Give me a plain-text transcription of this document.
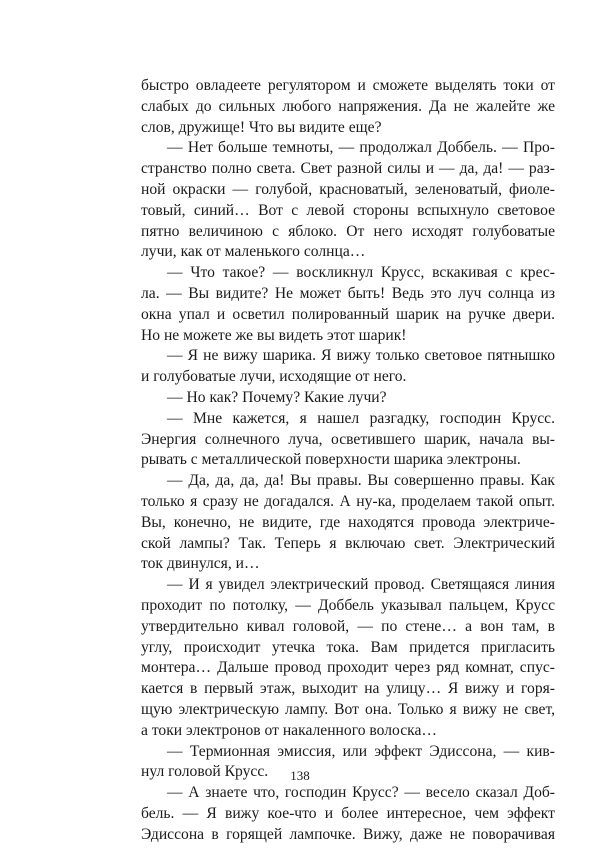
быстро овладеете регулятором и сможете выделять токи от
слабых до сильных любого напряжения. Да не жалейте же
слов, дружище! Что вы видите еще?
— Нет больше темноты, — продолжал Доббель. — Про-
странство полно света. Свет разной силы и — да, да! — раз-
ной окраски — голубой, красноватый, зеленоватый, фиоле-
товый, синий… Вот с левой стороны вспыхнуло световое
пятно величиною с яблоко. От него исходят голубоватые
лучи, как от маленького солнца…
— Что такое? — воскликнул Крусс, вскакивая с крес-
ла. — Вы видите? Не может быть! Ведь это луч солнца из
окна упал и осветил полированный шарик на ручке двери.
Но не можете же вы видеть этот шарик!
— Я не вижу шарика. Я вижу только световое пятнышко
и голубоватые лучи, исходящие от него.
— Но как? Почему? Какие лучи?
— Мне кажется, я нашел разгадку, господин Крусс.
Энергия солнечного луча, осветившего шарик, начала вы-
рывать с металлической поверхности шарика электроны.
— Да, да, да, да! Вы правы. Вы совершенно правы. Как
только я сразу не догадался. А ну-ка, проделаем такой опыт.
Вы, конечно, не видите, где находятся провода электриче-
ской лампы? Так. Теперь я включаю свет. Электрический
ток двинулся, и…
— И я увидел электрический провод. Светящаяся линия
проходит по потолку, — Доббель указывал пальцем, Крусс
утвердительно кивал головой, — по стене… а вон там, в
углу, происходит утечка тока. Вам придется пригласить
монтера… Дальше провод проходит через ряд комнат, спус-
кается в первый этаж, выходит на улицу… Я вижу и горя-
щую электрическую лампу. Вот она. Только я вижу не свет,
а токи электронов от накаленного волоска…
— Термионная эмиссия, или эффект Эдиссона, — кив-
нул головой Крусс.
— А знаете что, господин Крусс? — весело сказал Доб-
бель. — Я вижу кое-что и более интересное, чем эффект
Эдиссона в горящей лампочке. Вижу, даже не поворачивая
138
